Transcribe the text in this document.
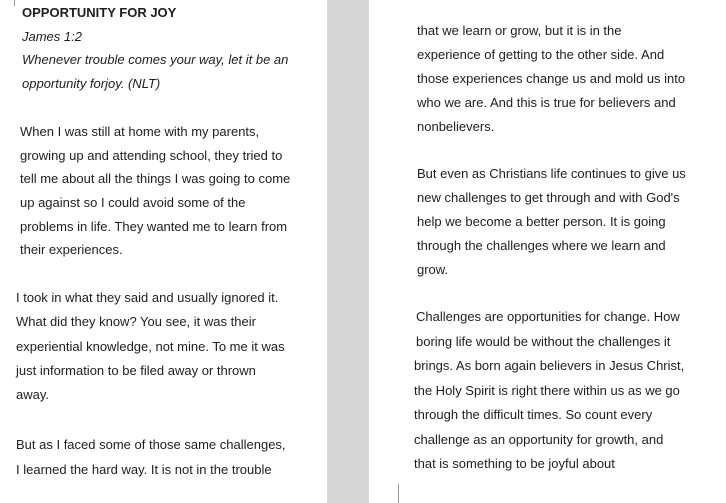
OPPORTUNITY FOR JOY
James 1:2
Whenever trouble comes your way, let it be an
opportunity forjoy. (NLT)
When I was still at home with my parents,
growing up and attending school, they tried to
tell me about all the things I was going to come
up against so I could avoid some of the
problems in life. They wanted me to learn from
their experiences.
I took in what they said and usually ignored it.
What did they know? You see, it was their
experiential knowledge, not mine. To me it was
just information to be filed away or thrown
away.
But as I faced some of those same challenges,
I learned the hard way. It is not in the trouble
that we learn or grow, but it is in the
experience of getting to the other side. And
those experiences change us and mold us into
who we are. And this is true for believers and
nonbelievers.
But even as Christians life continues to give us
new challenges to get through and with God's
help we become a better person. It is going
through the challenges where we learn and
grow.
Challenges are opportunities for change. How
boring life would be without the challenges it
brings. As born again believers in Jesus Christ,
the Holy Spirit is right there within us as we go
through the difficult times. So count every
challenge as an opportunity for growth, and
that is something to be joyful about
